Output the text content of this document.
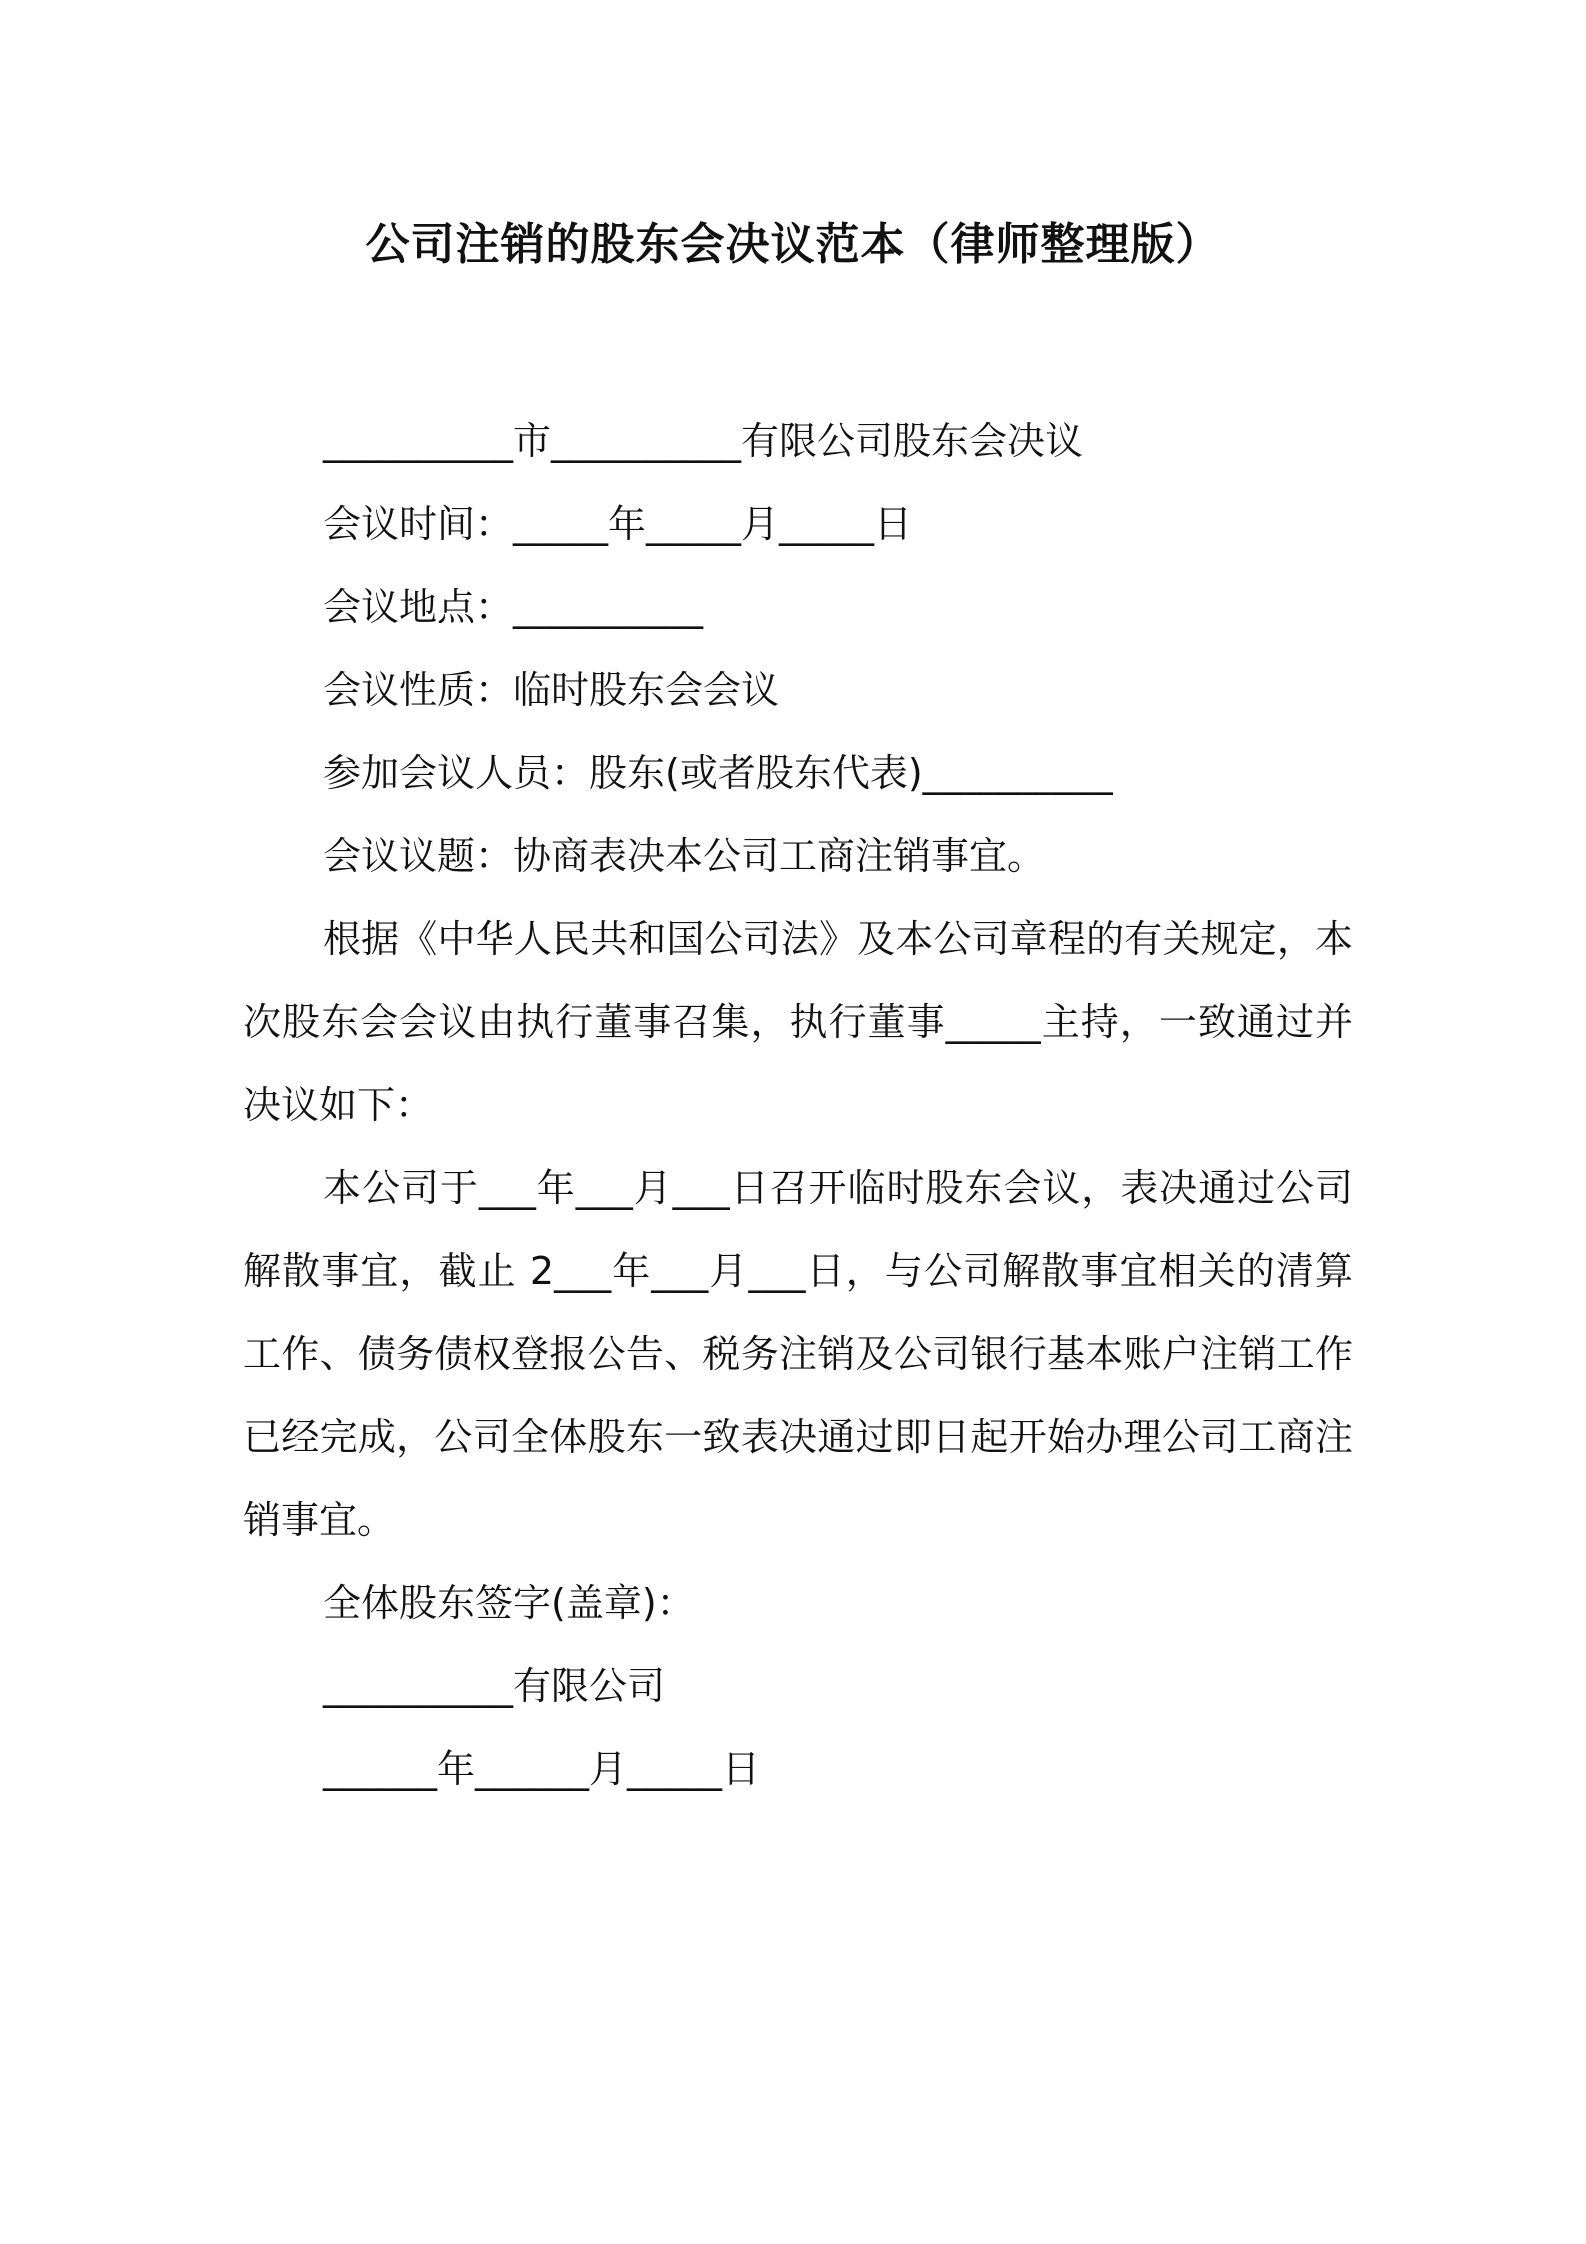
公司注销的股东会决议范本（律师整理版）
__________市__________有限公司股东会决议
会议时间：_____年_____月_____日
会议地点：__________
会议性质：临时股东会会议
参加会议人员：股东(或者股东代表)__________
会议议题：协商表决本公司工商注销事宜。
根据《中华人民共和国公司法》及本公司章程的有关规定，本次股东会会议由执行董事召集，执行董事_____主持，一致通过并决议如下：
本公司于___年___月___日召开临时股东会议，表决通过公司解散事宜，截止 2___年___月___日，与公司解散事宜相关的清算工作、债务债权登报公告、税务注销及公司银行基本账户注销工作已经完成，公司全体股东一致表决通过即日起开始办理公司工商注销事宜。
全体股东签字(盖章)：
__________有限公司
______年______月_____日
